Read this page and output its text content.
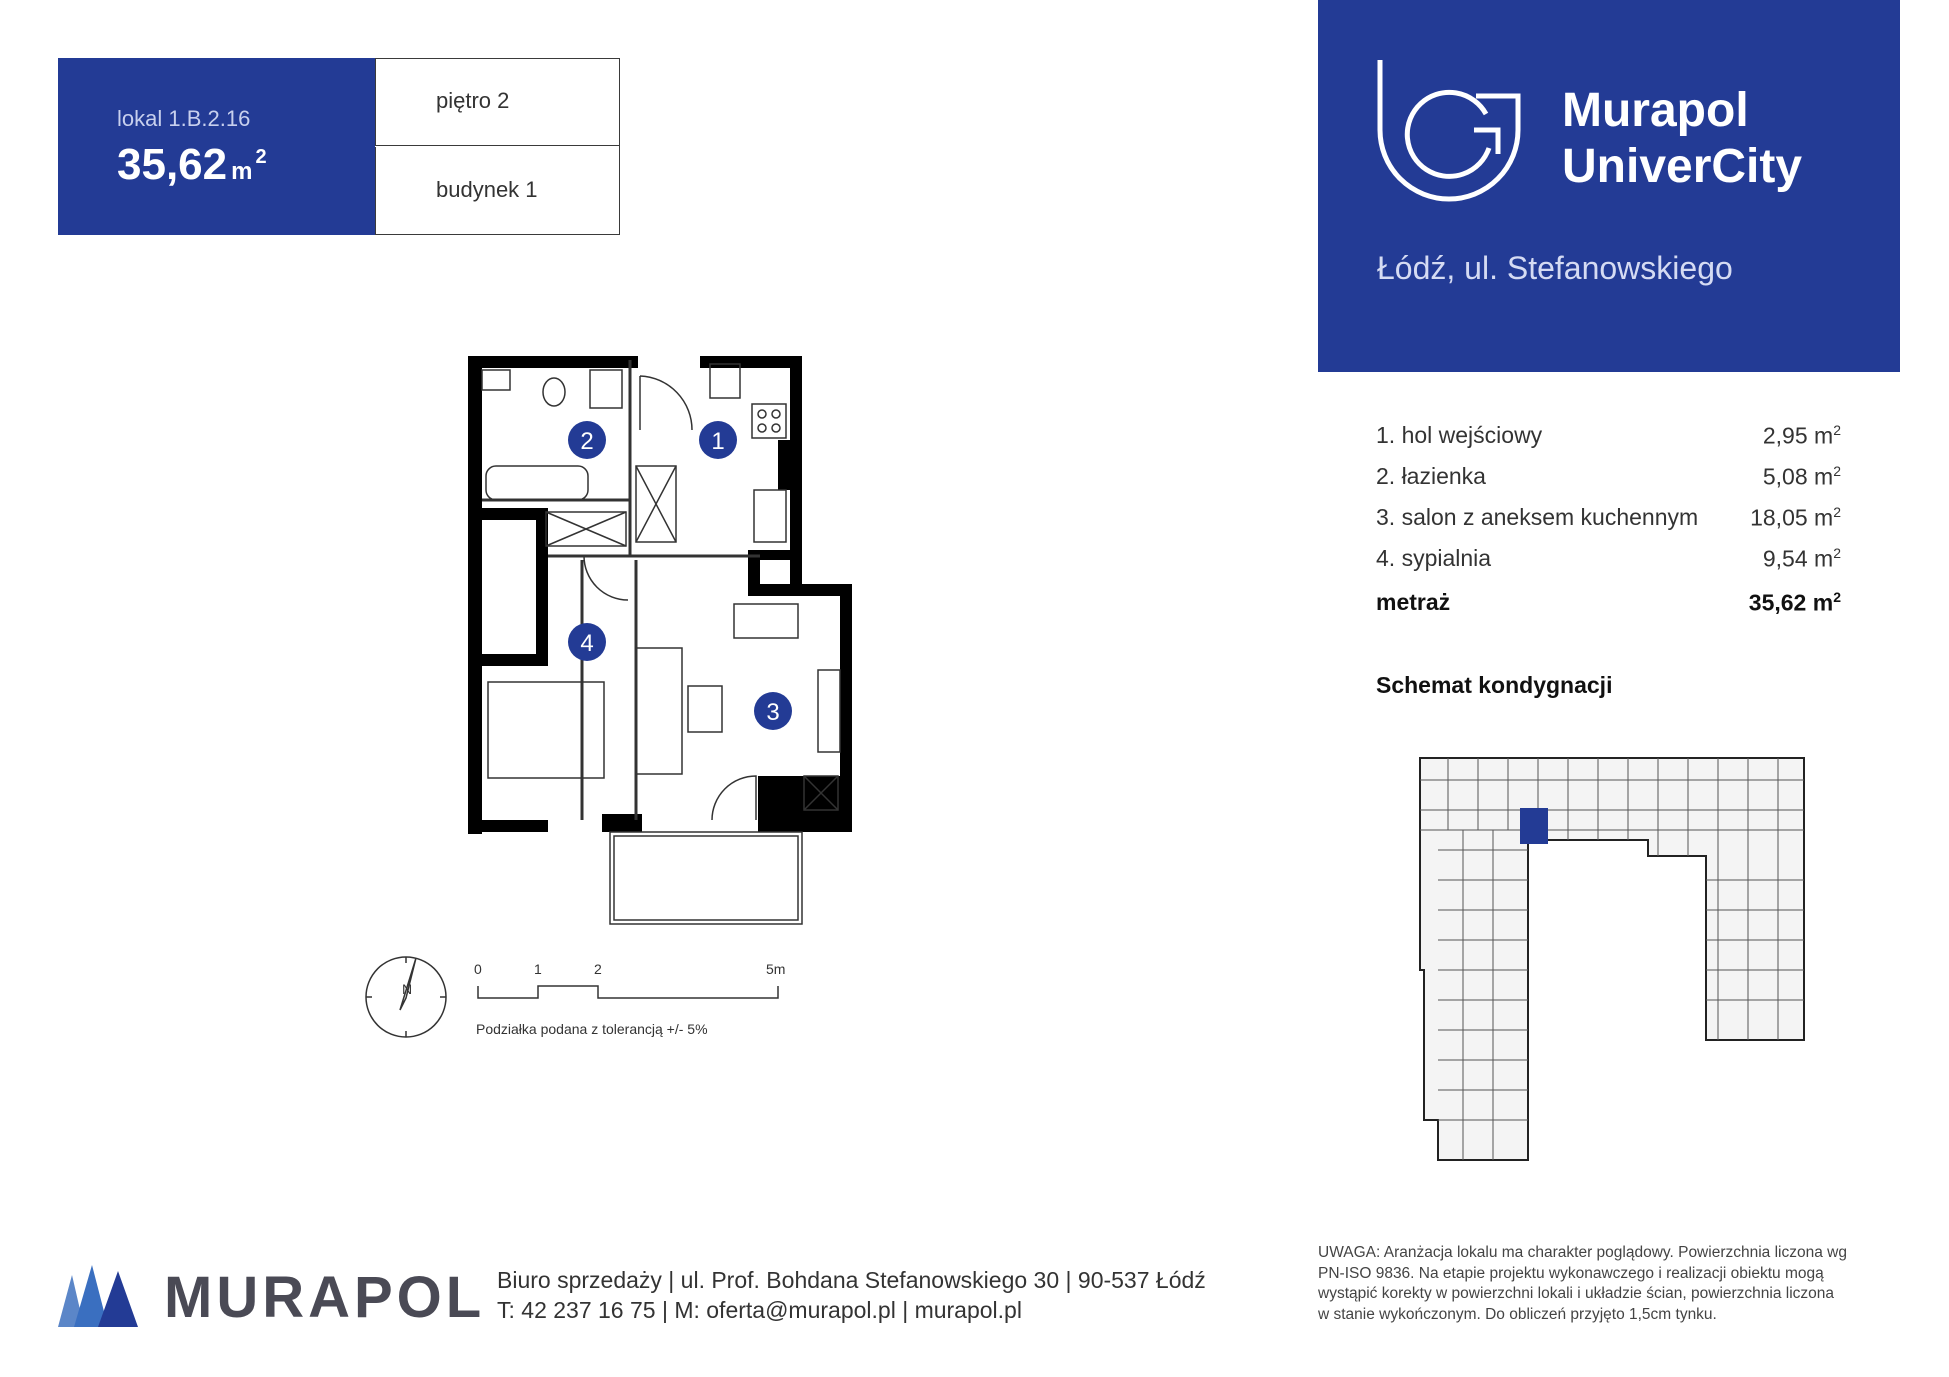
lokal 1.B.2.16
35,62 $m^2$
piętro 2
budynek 1
Murapol
UniverCity
Łódź, ul. Stefanowskiego
1. hol wejściowy	2,95 $m^2$
2. łazienka	5,08 $m^2$
3. salon z aneksem kuchennym 18,05 $m^2$
4. sypialnia	9,54 $m^2$
metraż	35,62 $m^2$
Schemat kondygnacji
1
2
3
4
N
0	1	2	5m
Podziałka podana z tolerancją +/- 5%
MURAPOL Biuro sprzedaży | ul. Prof. Bohdana Stefanowskiego 30 | 90-537 Łódź
T: 42 237 16 75 | M: oferta@murapol.pl | murapol.pl
UWAGA: Aranżacja lokalu ma charakter poglądowy. Powierzchnia liczona wg PN-ISO 9836. Na etapie projektu wykonawczego i realizacji obiektu mogą wystąpić korekty w powierzchni lokali i układzie ścian, powierzchnia liczona w stanie wykończonym. Do obliczeń przyjęto 1,5cm tynku.
